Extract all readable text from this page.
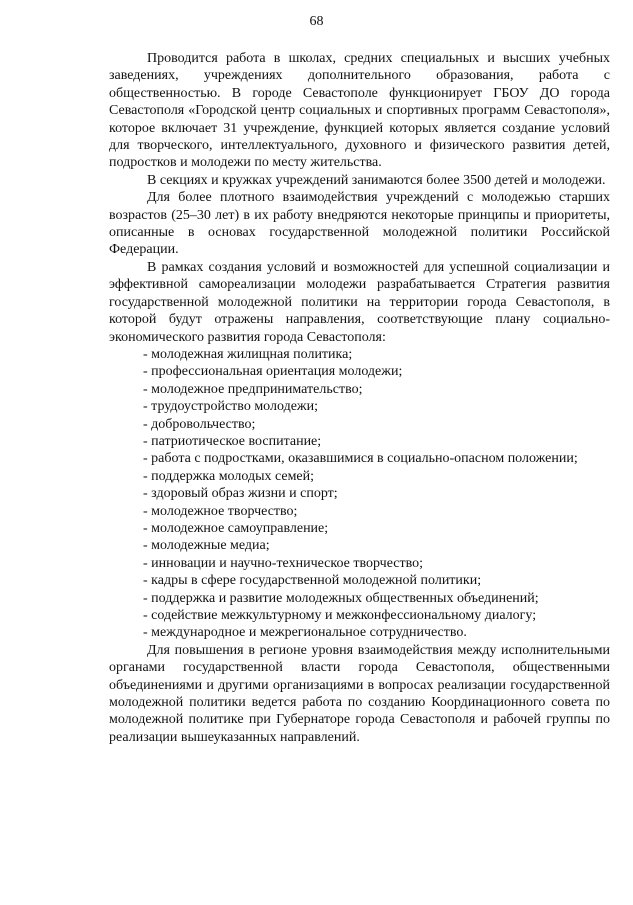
68

Проводится работа в школах, средних специальных и высших учебных заведениях, учреждениях дополнительного образования, работа с общественностью. В городе Севастополе функционирует ГБОУ ДО города Севастополя «Городской центр социальных и спортивных программ Севастополя», которое включает 31 учреждение, функцией которых является создание условий для творческого, интеллектуального, духовного и физического развития детей, подростков и молодежи по месту жительства.

В секциях и кружках учреждений занимаются более 3500 детей и молодежи.

Для более плотного взаимодействия учреждений с молодежью старших возрастов (25–30 лет) в их работу внедряются некоторые принципы и приоритеты, описанные в основах государственной молодежной политики Российской Федерации.

В рамках создания условий и возможностей для успешной социализации и эффективной самореализации молодежи разрабатывается Стратегия развития государственной молодежной политики на территории города Севастополя, в которой будут отражены направления, соответствующие плану социально-экономического развития города Севастополя:

- молодежная жилищная политика;
- профессиональная ориентация молодежи;
- молодежное предпринимательство;
- трудоустройство молодежи;
- добровольчество;
- патриотическое воспитание;
- работа с подростками, оказавшимися в социально-опасном положении;
- поддержка молодых семей;
- здоровый образ жизни и спорт;
- молодежное творчество;
- молодежное самоуправление;
- молодежные медиа;
- инновации и научно-техническое творчество;
- кадры в сфере государственной молодежной политики;
- поддержка и развитие молодежных общественных объединений;
- содействие межкультурному и межконфессиональному диалогу;
- международное и межрегиональное сотрудничество.

Для повышения в регионе уровня взаимодействия между исполнительными органами государственной власти города Севастополя, общественными объединениями и другими организациями в вопросах реализации государственной молодежной политики ведется работа по созданию Координационного совета по молодежной политике при Губернаторе города Севастополя и рабочей группы по реализации вышеуказанных направлений.
